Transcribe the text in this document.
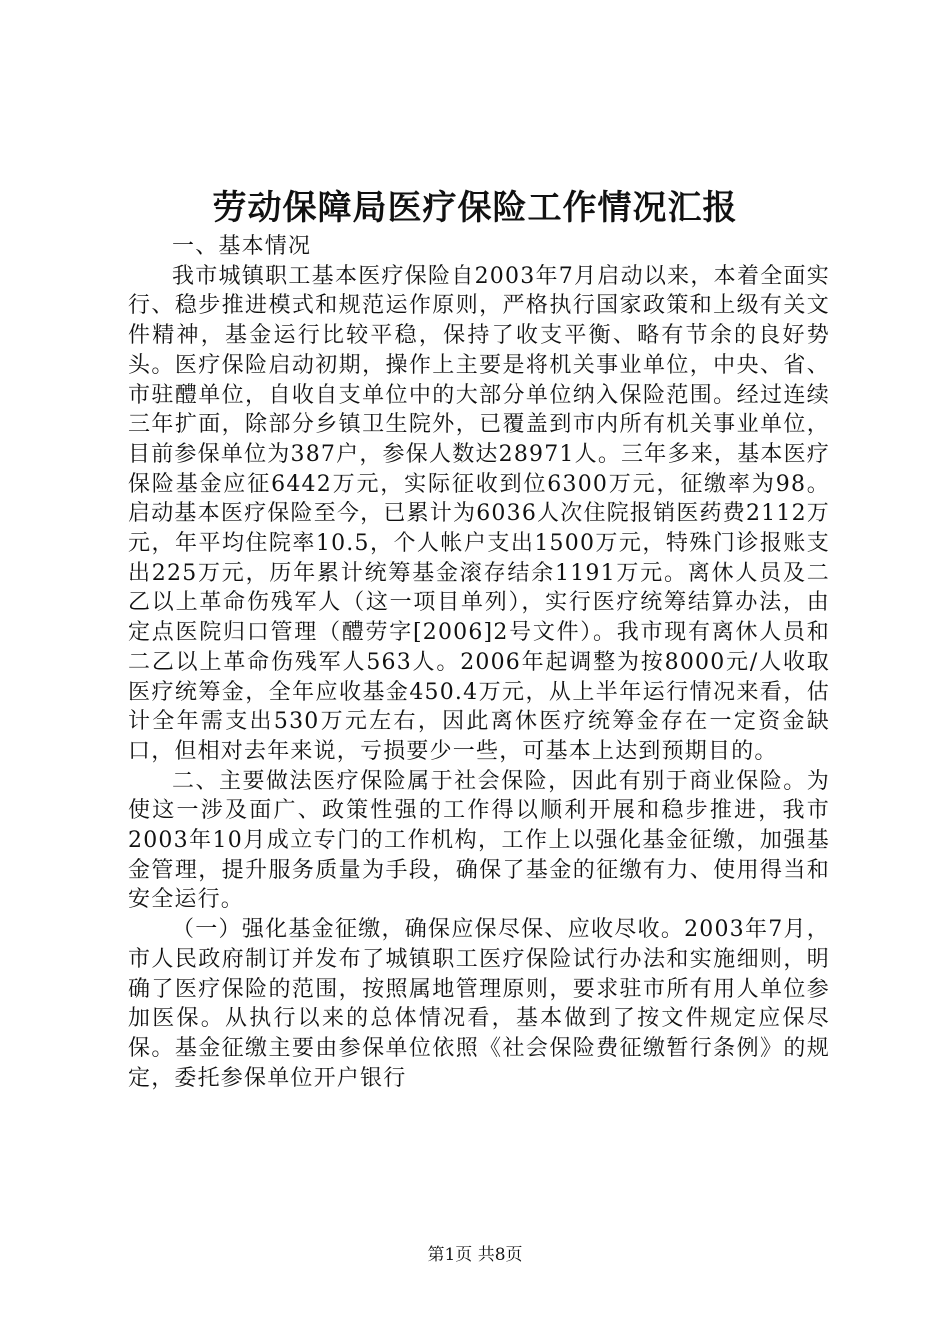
劳动保障局医疗保险工作情况汇报

一、基本情况

我市城镇职工基本医疗保险自2003年7月启动以来，本着全面实行、稳步推进模式和规范运作原则，严格执行国家政策和上级有关文件精神，基金运行比较平稳，保持了收支平衡、略有节余的良好势头。医疗保险启动初期，操作上主要是将机关事业单位，中央、省、市驻醴单位，自收自支单位中的大部分单位纳入保险范围。经过连续三年扩面，除部分乡镇卫生院外，已覆盖到市内所有机关事业单位，目前参保单位为387户，参保人数达28971人。三年多来，基本医疗保险基金应征6442万元，实际征收到位6300万元，征缴率为98。启动基本医疗保险至今，已累计为6036人次住院报销医药费2112万元，年平均住院率10.5，个人帐户支出1500万元，特殊门诊报账支出225万元，历年累计统筹基金滚存结余1191万元。离休人员及二乙以上革命伤残军人（这一项目单列），实行医疗统筹结算办法，由定点医院归口管理（醴劳字[2006]2号文件）。我市现有离休人员和二乙以上革命伤残军人563人。2006年起调整为按8000元/人收取医疗统筹金，全年应收基金450.4万元，从上半年运行情况来看，估计全年需支出530万元左右，因此离休医疗统筹金存在一定资金缺口，但相对去年来说，亏损要少一些，可基本上达到预期目的。

二、主要做法医疗保险属于社会保险，因此有别于商业保险。为使这一涉及面广、政策性强的工作得以顺利开展和稳步推进，我市2003年10月成立专门的工作机构，工作上以强化基金征缴，加强基金管理，提升服务质量为手段，确保了基金的征缴有力、使用得当和安全运行。

（一）强化基金征缴，确保应保尽保、应收尽收。2003年7月，市人民政府制订并发布了城镇职工医疗保险试行办法和实施细则，明确了医疗保险的范围，按照属地管理原则，要求驻市所有用人单位参加医保。从执行以来的总体情况看，基本做到了按文件规定应保尽保。基金征缴主要由参保单位依照《社会保险费征缴暂行条例》的规定，委托参保单位开户银行

第1页 共8页
